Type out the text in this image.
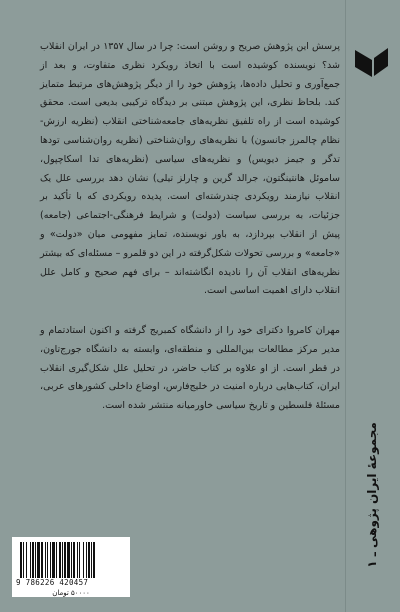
مجموعهٔ ایران پژوهی ـ ۱
پرسش این پژوهش صریح و روشن است: چرا در سال ۱۳۵۷ در ایران انقلاب شد؟ نویسنده کوشیده است با اتخاذ رویکرد نظری متفاوت، و بعد از جمع‌آوری و تحلیل داده‌ها، پژوهش خود را از دیگر پژوهش‌های مرتبط متمایز کند. بلحاظ نظری، این پژوهش مبتنی بر دیدگاه ترکیبی بدیعی است. محقق کوشیده است از راه تلفیق نظریه‌های جامعه‌شناختی انقلاب (نظریه ارزش-نظام چالمرز جانسون) با نظریه‌های روان‌شناختی (نظریه روان‌شناسی تودها تدگر و جیمز دیویس) و نظریه‌های سیاسی (نظریه‌های تدا اسکاچپول، ساموئل هانتینگتون، جرالد گرین و چارلز تیلی) نشان دهد بررسی علل یک انقلاب نیازمند رویکردی چندرشته‌ای است. پدیده رویکردی که با تأکید بر جزئیات، به بررسی سیاست (دولت) و شرایط فرهنگی-اجتماعی (جامعه) پیش از انقلاب بپردازد، به باور نویسنده، تمایز مفهومی میان «دولت» و «جامعه» و بررسی تحولات شکل‌گرفته در این دو قلمرو – مسئله‌ای که بیشتر نظریه‌های انقلاب آن را نادیده انگاشته‌اند – برای فهم صحیح و کامل علل انقلاب دارای اهمیت اساسی است.
مهران کامروا دکترای خود را از دانشگاه کمبریج گرفته و اکنون استادتمام و مدیر مرکز مطالعات بین‌المللی و منطقه‌ای، وابسته به دانشگاه جورج‌تاون، در قطر است. از او علاوه بر کتاب حاضر، در تحلیل علل شکل‌گیری انقلاب ایران، کتاب‌هایی درباره امنیت در خلیج‌فارس، اوضاع داخلی کشورهای عربی، مسئلهٔ فلسطین و تاریخ سیاسی خاورمیانه منتشر شده است.
9 786226 420457
۵۰۰۰۰ تومان
